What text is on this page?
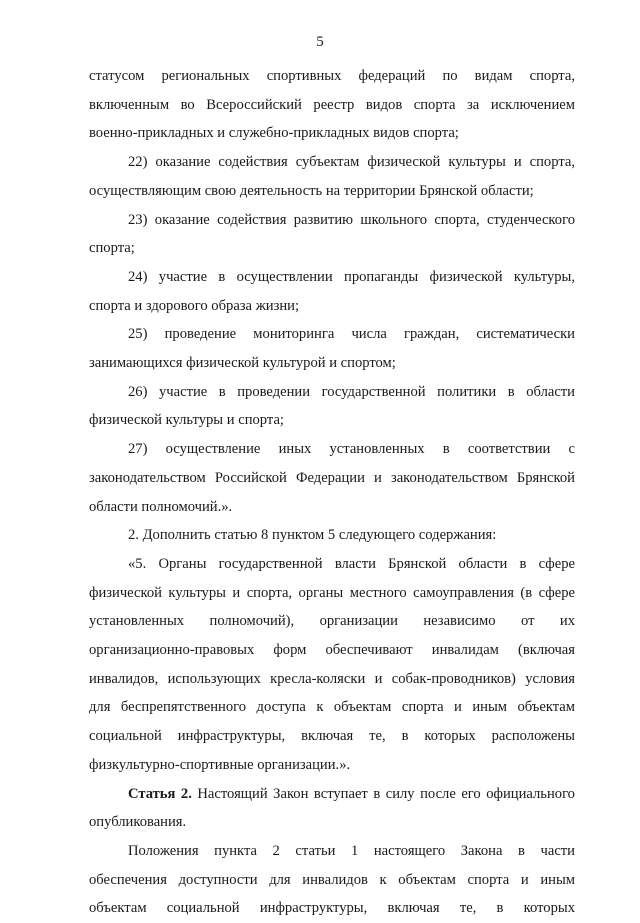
5

статусом региональных спортивных федераций по видам спорта,
включенным во Всероссийский реестр видов спорта за исключением
военно-прикладных и служебно-прикладных видов спорта;

22) оказание содействия субъектам физической культуры и спорта,
осуществляющим свою деятельность на территории Брянской области;

23) оказание содействия развитию школьного спорта, студенческого
спорта;

24) участие в осуществлении пропаганды физической культуры,
спорта и здорового образа жизни;

25) проведение мониторинга числа граждан, систематически
занимающихся физической культурой и спортом;

26) участие в проведении государственной политики в области
физической культуры и спорта;

27) осуществление иных установленных в соответствии с
законодательством Российской Федерации и законодательством Брянской
области полномочий.».

2. Дополнить статью 8 пунктом 5 следующего содержания:

«5. Органы государственной власти Брянской области в сфере
физической культуры и спорта, органы местного самоуправления (в сфере
установленных полномочий), организации независимо от их
организационно-правовых форм обеспечивают инвалидам (включая
инвалидов, использующих кресла-коляски и собак-проводников) условия
для беспрепятственного доступа к объектам спорта и иным объектам
социальной инфраструктуры, включая те, в которых расположены
физкультурно-спортивные организации.».

Статья 2. Настоящий Закон вступает в силу после его официального
опубликования.

Положения пункта 2 статьи 1 настоящего Закона в части
обеспечения доступности для инвалидов к объектам спорта и иным
объектам социальной инфраструктуры, включая те, в которых
